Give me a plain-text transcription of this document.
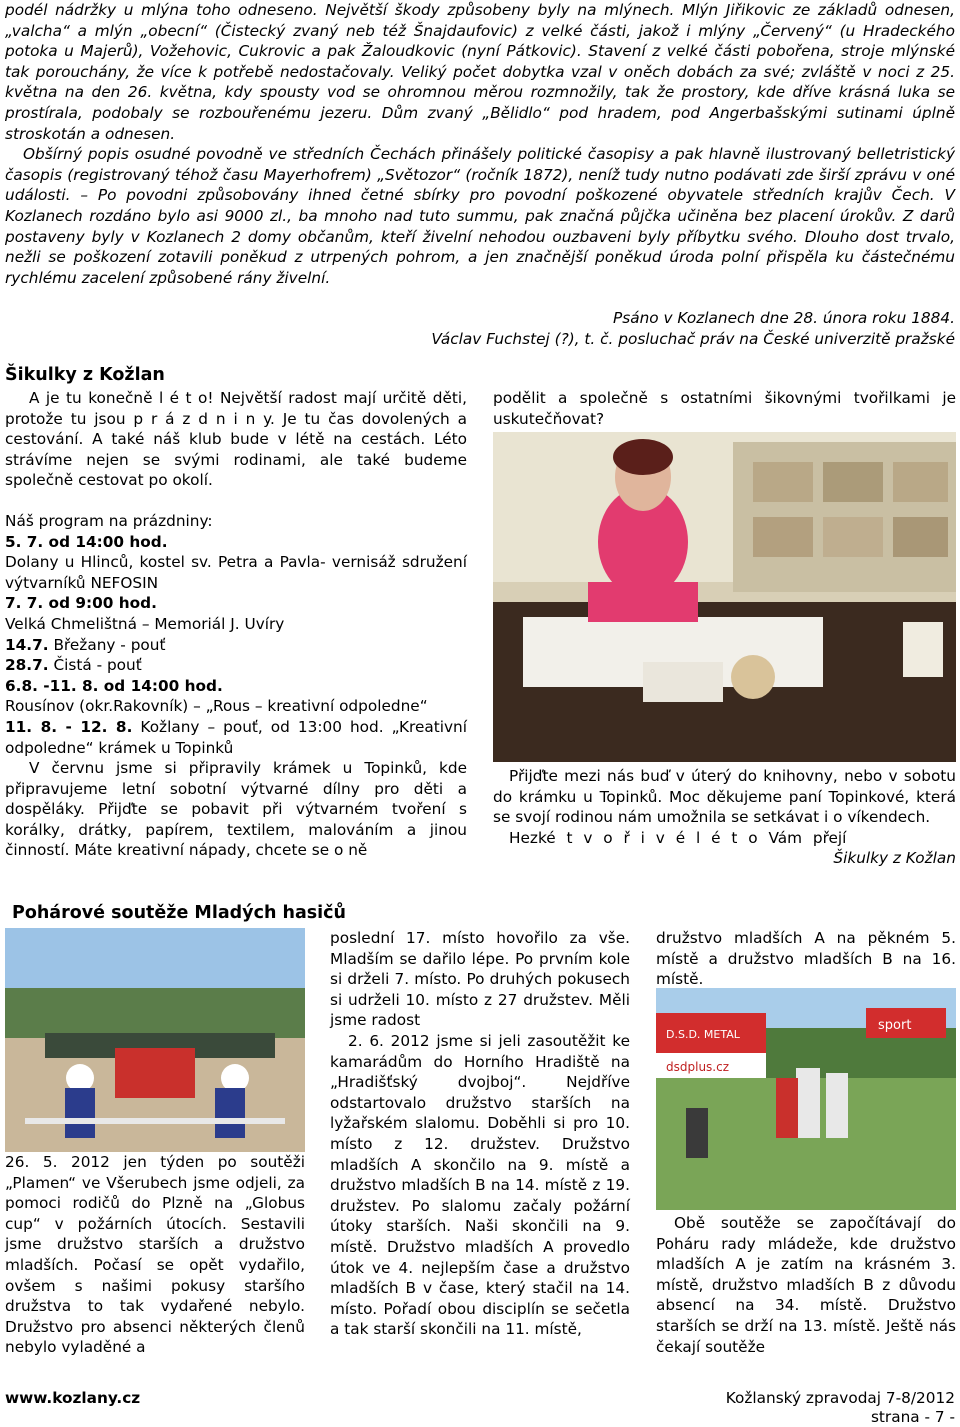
podél nádržky u mlýna toho odneseno. Největší škody způsobeny byly na mlýnech. Mlýn Jiřikovic ze základů odnesen, „valcha“ a mlýn „obecní“ (Čistecký zvaný neb též Šnajdaufovic) z velké části, jakož i mlýny „Červený“ (u Hradeckého potoka u Majerů), Vožehovic, Cukrovic a pak Žaloudkovic (nyní Pátkovic). Stavení z velké části pobořena, stroje mlýnské tak porouchány, že více k potřebě nedostačovaly. Veliký počet dobytka vzal v oněch dobách za své; zvláště v noci z 25. května na den 26. května, kdy spousty vod se ohromnou měrou rozmnožily, tak že prostory, kde dříve krásná luka se prostírala, podobaly se rozbouřenému jezeru. Dům zvaný „Bělidlo“ pod hradem, pod Angerbašskými sutinami úplně stroskotán a odnesen.

Obšírný popis osudné povodně ve středních Čechách přinášely politické časopisy a pak hlavně ilustrovaný belletristický časopis (registrovaný téhož času Mayerhofrem) „Světozor“ (ročník 1872), neníž tudy nutno podávati zde širší zprávu v oné události. – Po povodni způsobovány ihned četné sbírky pro povodní poškozené obyvatele středních krajův Čech. V Kozlanech rozdáno bylo asi 9000 zl., ba mnoho nad tuto summu, pak značná půjčka učiněna bez placení úrokův. Z darů postaveny byly v Kozlanech 2 domy občanům, kteří živelní nehodou ouzbaveni byly příbytku svého. Dlouho dost trvalo, nežli se poškození zotavili poněkud z utrpených pohrom, a jen značnější poněkud úroda polní přispěla ku částečnému rychlému zacelení způsobené rány živelní.

Psáno v Kozlanech dne 28. února roku 1884.

Václav Fuchstej (?), t. č. posluchač práv na České univerzitě pražské

Šikulky z Kožlan

A je tu konečně l é t o! Největší radost mají určitě děti, protože tu jsou p r á z d n i n y. Je tu čas dovolených a cestování. A také náš klub bude v létě na cestách. Léto strávíme nejen se svými rodinami, ale také budeme společně cestovat po okolí.

Náš program na prázdniny:

5. 7. od 14:00 hod.

Dolany u Hlinců, kostel sv. Petra a Pavla- vernisáž sdružení výtvarníků NEFOSIN

7. 7. od 9:00 hod.

Velká Chmelištná – Memoriál J. Uvíry

14.7. Břežany - pouť

28.7. Čistá - pouť

6.8. -11. 8. od 14:00 hod.

Rousínov (okr.Rakovník) – „Rous – kreativní odpoledne“

11. 8. - 12. 8. Kožlany – pouť, od 13:00 hod. „Kreativní odpoledne“ krámek u Topinků

V červnu jsme si připravily krámek u Topinků, kde připravujeme letní sobotní výtvarné dílny pro děti a dospěláky. Přijďte se pobavit při výtvarném tvoření s korálky, drátky, papírem, textilem, malováním a jinou činností. Máte kreativní nápady, chcete se o ně

podělit a společně s ostatními šikovnými tvořilkami je uskutečňovat?

Přijďte mezi nás buď v úterý do knihovny, nebo v sobotu do krámku u Topinků. Moc děkujeme paní Topinkové, která se svojí rodinou nám umožnila se setkávat i o víkendech.

Hezké t v o ř i v é l é t o Vám přejí

Šikulky z Kožlan

Pohárové soutěže Mladých hasičů

26. 5. 2012 jen týden po soutěži „Plamen“ ve Všerubech jsme odjeli, za pomoci rodičů do Plzně na „Globus cup“ v požárních útocích. Sestavili jsme družstvo starších a družstvo mladších. Počasí se opět vydařilo, ovšem s našimi pokusy staršího družstva to tak vydařené nebylo. Družstvo pro absenci některých členů nebylo vyladěné a

poslední 17. místo hovořilo za vše. Mladším se dařilo lépe. Po prvním kole si drželi 7. místo. Po druhých pokusech si udrželi 10. místo z 27 družstev. Měli jsme radost

2. 6. 2012 jsme si jeli zasoutěžit ke kamarádům do Horního Hradiště na „Hradišťský dvojboj“. Nejdříve odstartovalo družstvo starších na lyžařském slalomu. Doběhli si pro 10. místo z 12. družstev. Družstvo mladších A skončilo na 9. místě a družstvo mladších B na 14. místě z 19. družstev. Po slalomu začaly požární útoky starších. Naši skončili na 9. místě. Družstvo mladších A provedlo útok ve 4. nejlepším čase a družstvo mladších B v čase, který stačil na 14. místo. Pořadí obou disciplín se sečetla a tak starší skončili na 11. místě,

družstvo mladších A na pěkném 5. místě a družstvo mladších B na 16. místě.

D.S.D. METAL
dsdplus.cz
sport

Obě soutěže se započítávají do Poháru rady mládeže, kde družstvo mladších A je zatím na krásném 3. místě, družstvo mladších B z důvodu absencí na 34. místě. Družstvo starších se drží na 13. místě. Ještě nás čekají soutěže

www.kozlany.cz	Kožlanský zpravodaj 7-8/2012
strana - 7 -
